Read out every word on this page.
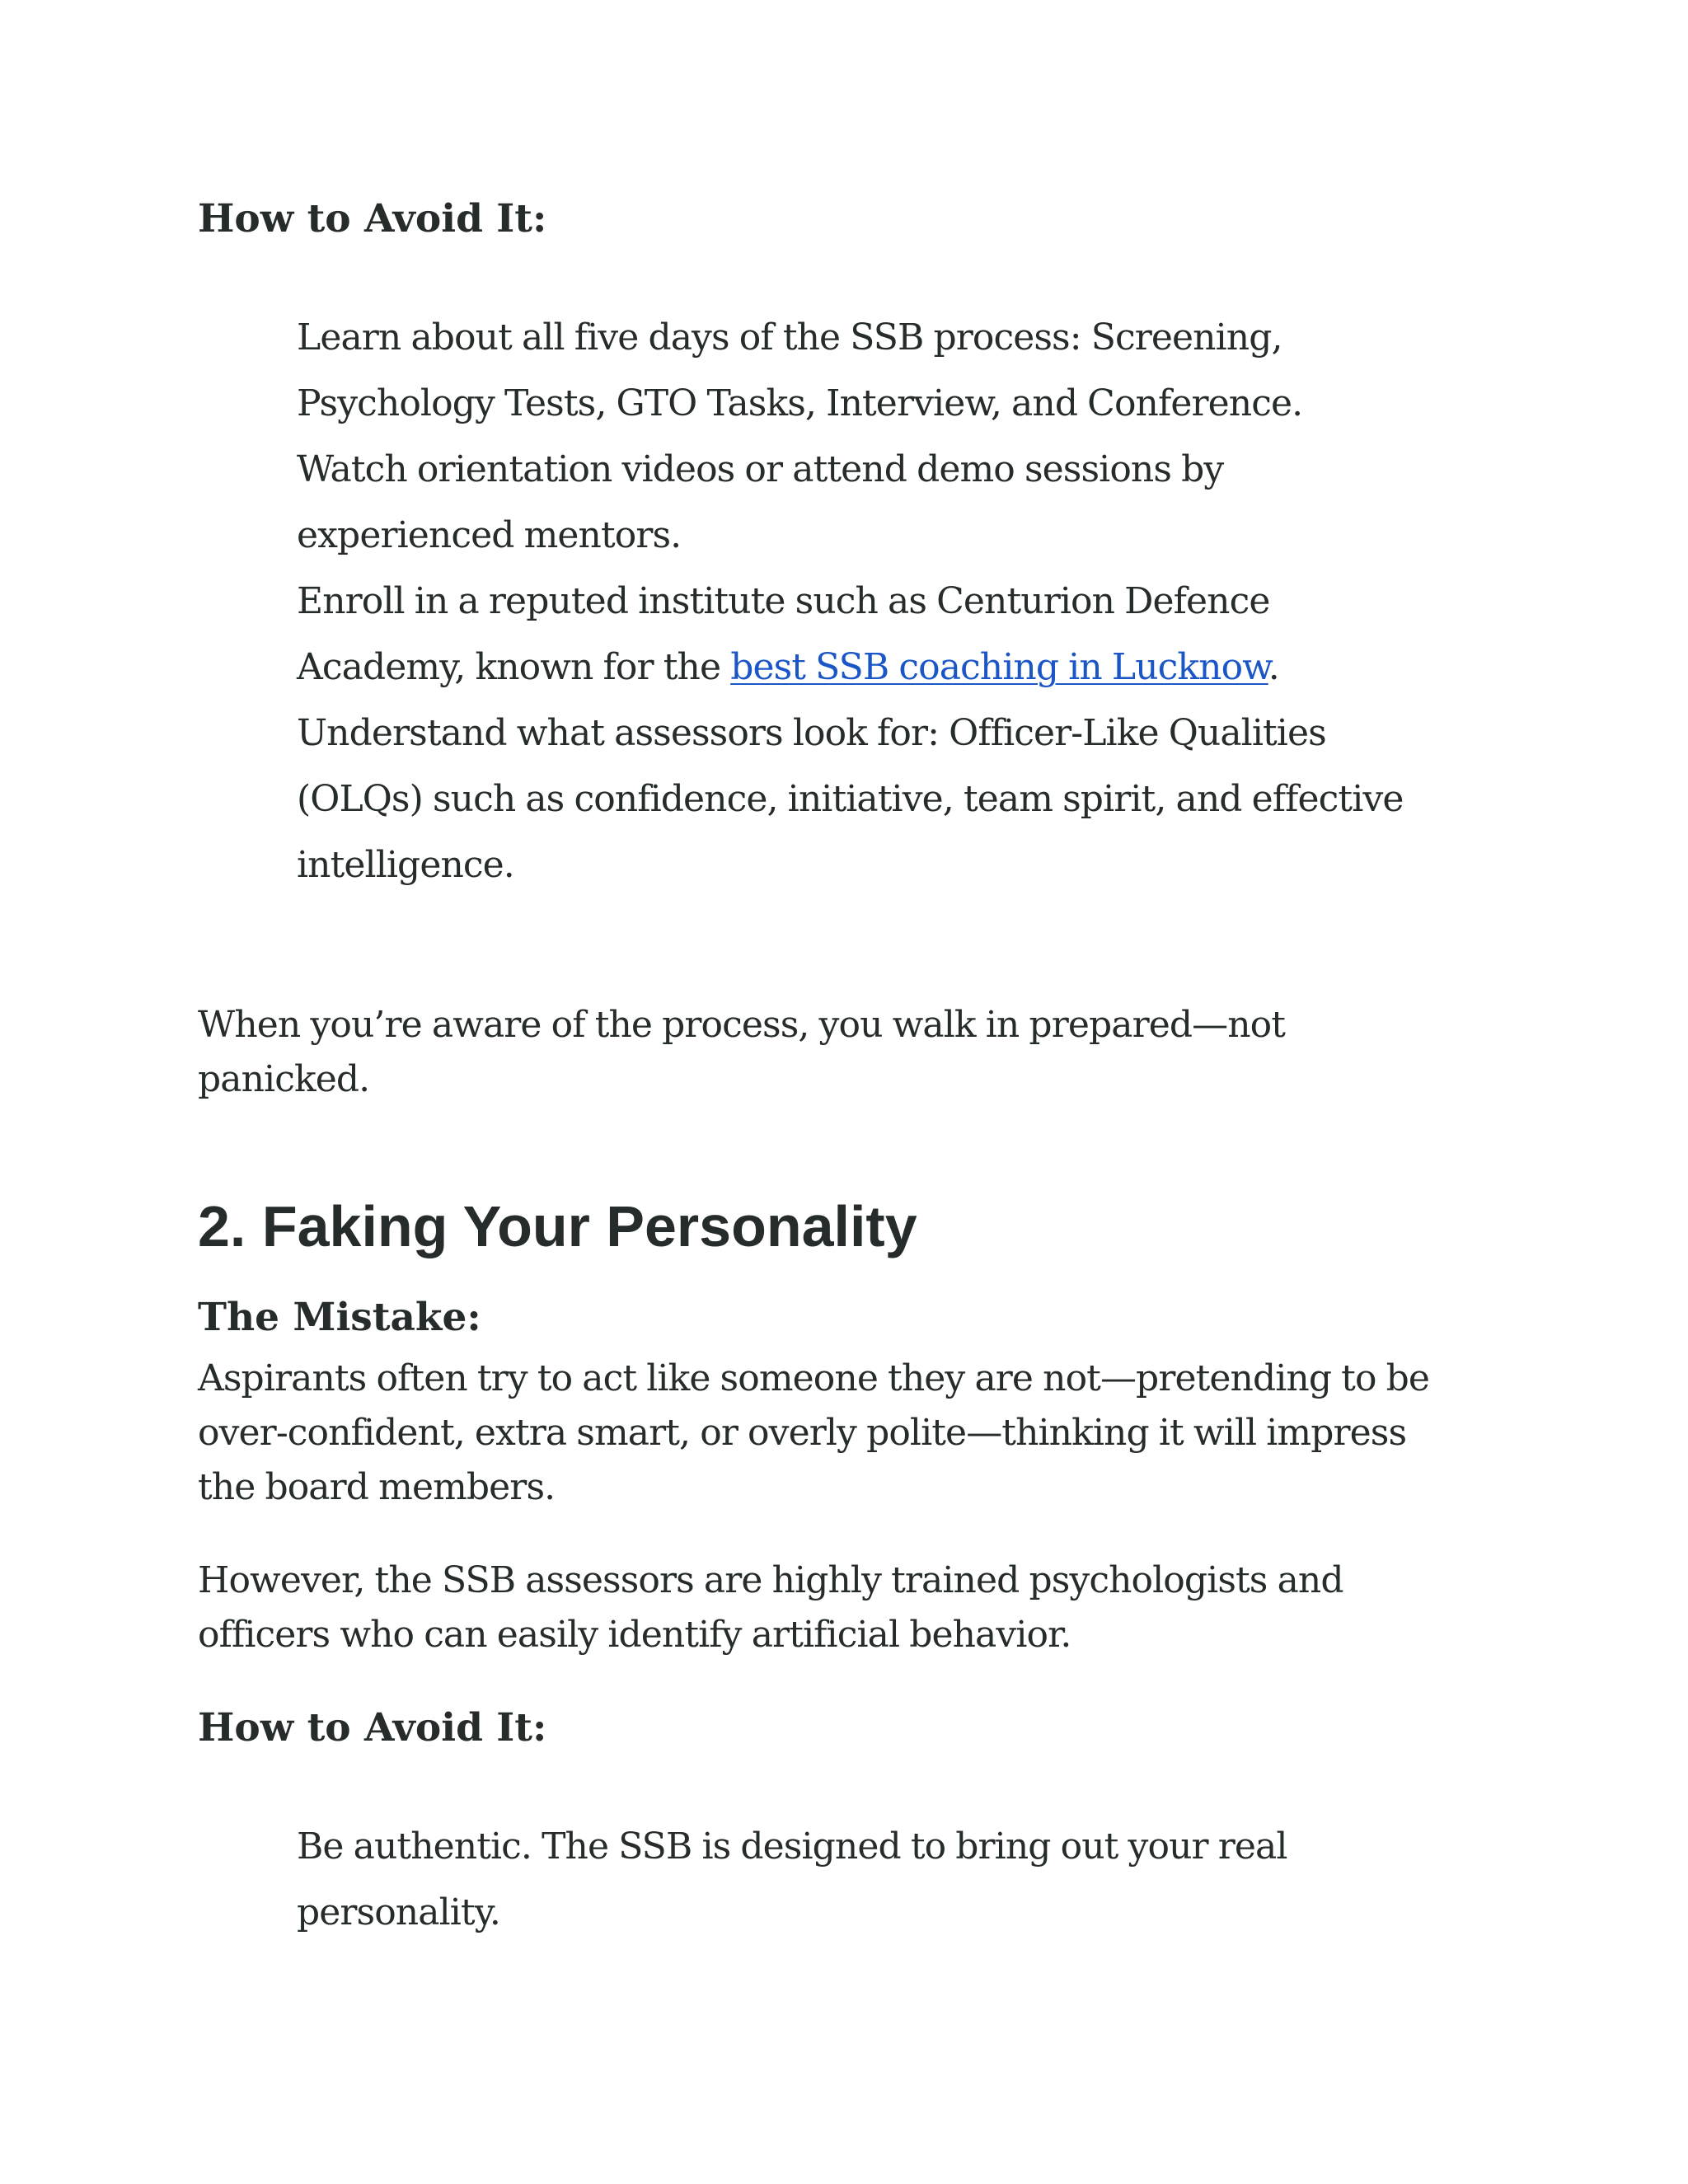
How to Avoid It:
Learn about all five days of the SSB process: Screening,
Psychology Tests, GTO Tasks, Interview, and Conference.
Watch orientation videos or attend demo sessions by
experienced mentors.
Enroll in a reputed institute such as Centurion Defence
Academy, known for the best SSB coaching in Lucknow.
Understand what assessors look for: Officer-Like Qualities
(OLQs) such as confidence, initiative, team spirit, and effective
intelligence.
When you’re aware of the process, you walk in prepared—not
panicked.
2. Faking Your Personality
The Mistake:
Aspirants often try to act like someone they are not—pretending to be
over-confident, extra smart, or overly polite—thinking it will impress
the board members.
However, the SSB assessors are highly trained psychologists and
officers who can easily identify artificial behavior.
How to Avoid It:
Be authentic. The SSB is designed to bring out your real
personality.
